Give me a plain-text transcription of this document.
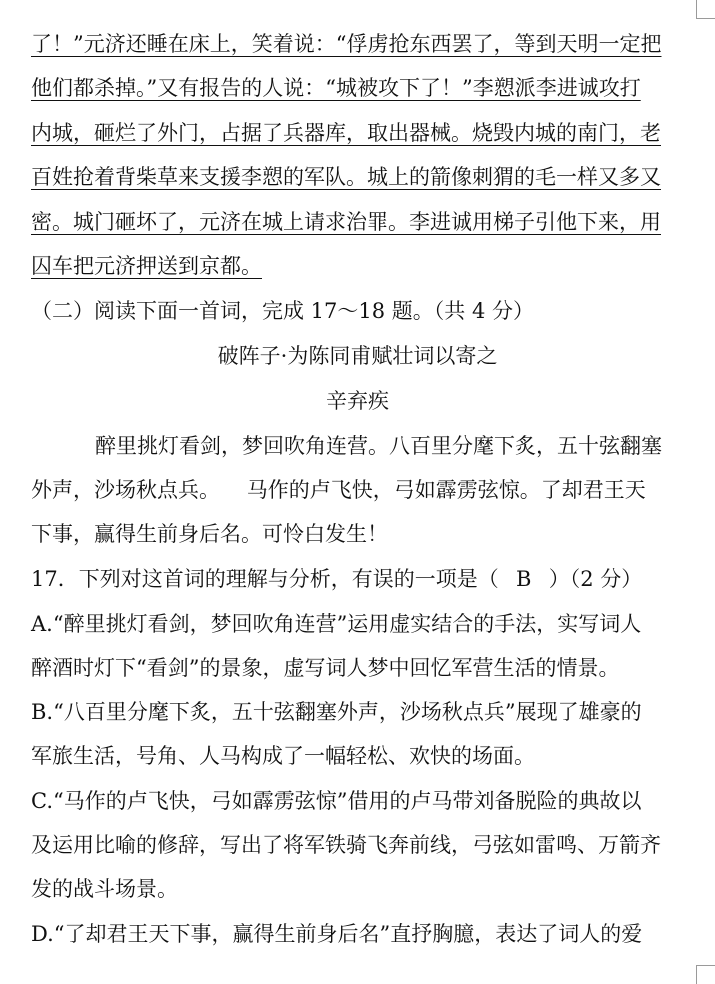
了！”元济还睡在床上，笑着说：“俘虏抢东西罢了，等到天明一定把
他们都杀掉。”又有报告的人说：“城被攻下了！”李愬派李进诚攻打
内城，砸烂了外门，占据了兵器库，取出器械。烧毁内城的南门，老
百姓抢着背柴草来支援李愬的军队。城上的箭像刺猬的毛一样又多又
密。城门砸坏了，元济在城上请求治罪。李进诚用梯子引他下来，用
囚车把元济押送到京都。
（二）阅读下面一首词，完成 17～18 题。（共 4 分）
破阵子·为陈同甫赋壮词以寄之
辛弃疾
醉里挑灯看剑，梦回吹角连营。八百里分麾下炙，五十弦翻塞
外声，沙场秋点兵。    马作的卢飞快，弓如霹雳弦惊。了却君王天
下事，赢得生前身后名。可怜白发生！
17．下列对这首词的理解与分析，有误的一项是（ B ）（2 分）
A.“醉里挑灯看剑，梦回吹角连营”运用虚实结合的手法，实写词人
醉酒时灯下“看剑”的景象，虚写词人梦中回忆军营生活的情景。
B.“八百里分麾下炙，五十弦翻塞外声，沙场秋点兵”展现了雄豪的
军旅生活，号角、人马构成了一幅轻松、欢快的场面。
C.“马作的卢飞快，弓如霹雳弦惊”借用的卢马带刘备脱险的典故以
及运用比喻的修辞，写出了将军铁骑飞奔前线，弓弦如雷鸣、万箭齐
发的战斗场景。
D.“了却君王天下事，赢得生前身后名”直抒胸臆，表达了词人的爱
